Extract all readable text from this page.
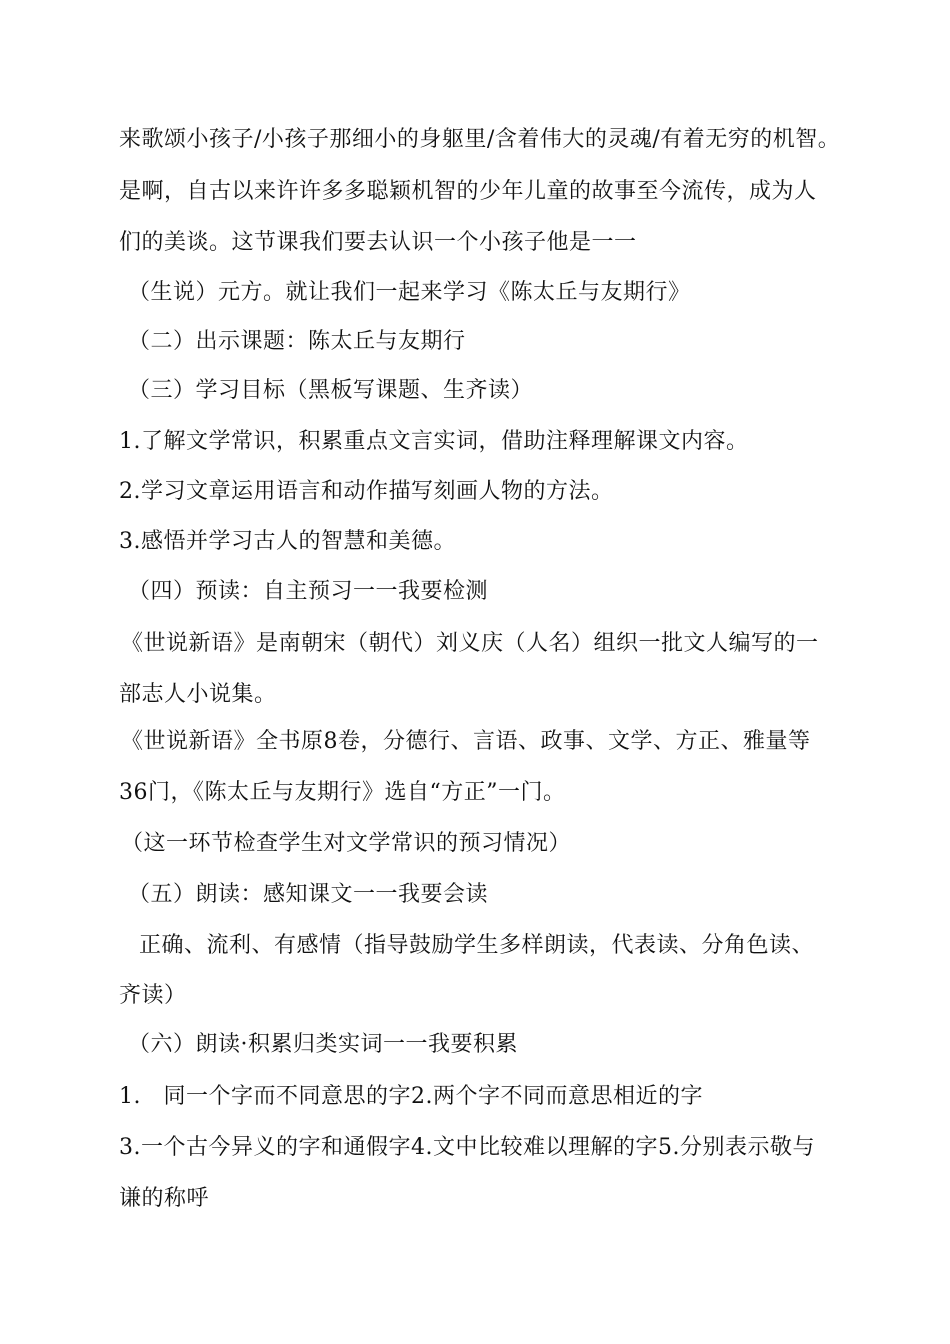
来歌颂小孩子/小孩子那细小的身躯里/含着伟大的灵魂/有着无穷的机智。
是啊，自古以来许许多多聪颖机智的少年儿童的故事至今流传，成为人
们的美谈。这节课我们要去认识一个小孩子他是一一
（生说）元方。就让我们一起来学习《陈太丘与友期行》
（二）出示课题：陈太丘与友期行
（三）学习目标（黑板写课题、生齐读）
1.了解文学常识，积累重点文言实词，借助注释理解课文内容。
2.学习文章运用语言和动作描写刻画人物的方法。
3.感悟并学习古人的智慧和美德。
（四）预读：自主预习一一我要检测
《世说新语》是南朝宋（朝代）刘义庆（人名）组织一批文人编写的一
部志人小说集。
《世说新语》全书原8卷，分德行、言语、政事、文学、方正、雅量等
36门，《陈太丘与友期行》选自“方正”一门。
（这一环节检查学生对文学常识的预习情况）
（五）朗读：感知课文一一我要会读
正确、流利、有感情（指导鼓励学生多样朗读，代表读、分角色读、
齐读）
（六）朗读·积累归类实词一一我要积累
1.　同一个字而不同意思的字2.两个字不同而意思相近的字
3.一个古今异义的字和通假字4.文中比较难以理解的字5.分别表示敬与
谦的称呼
